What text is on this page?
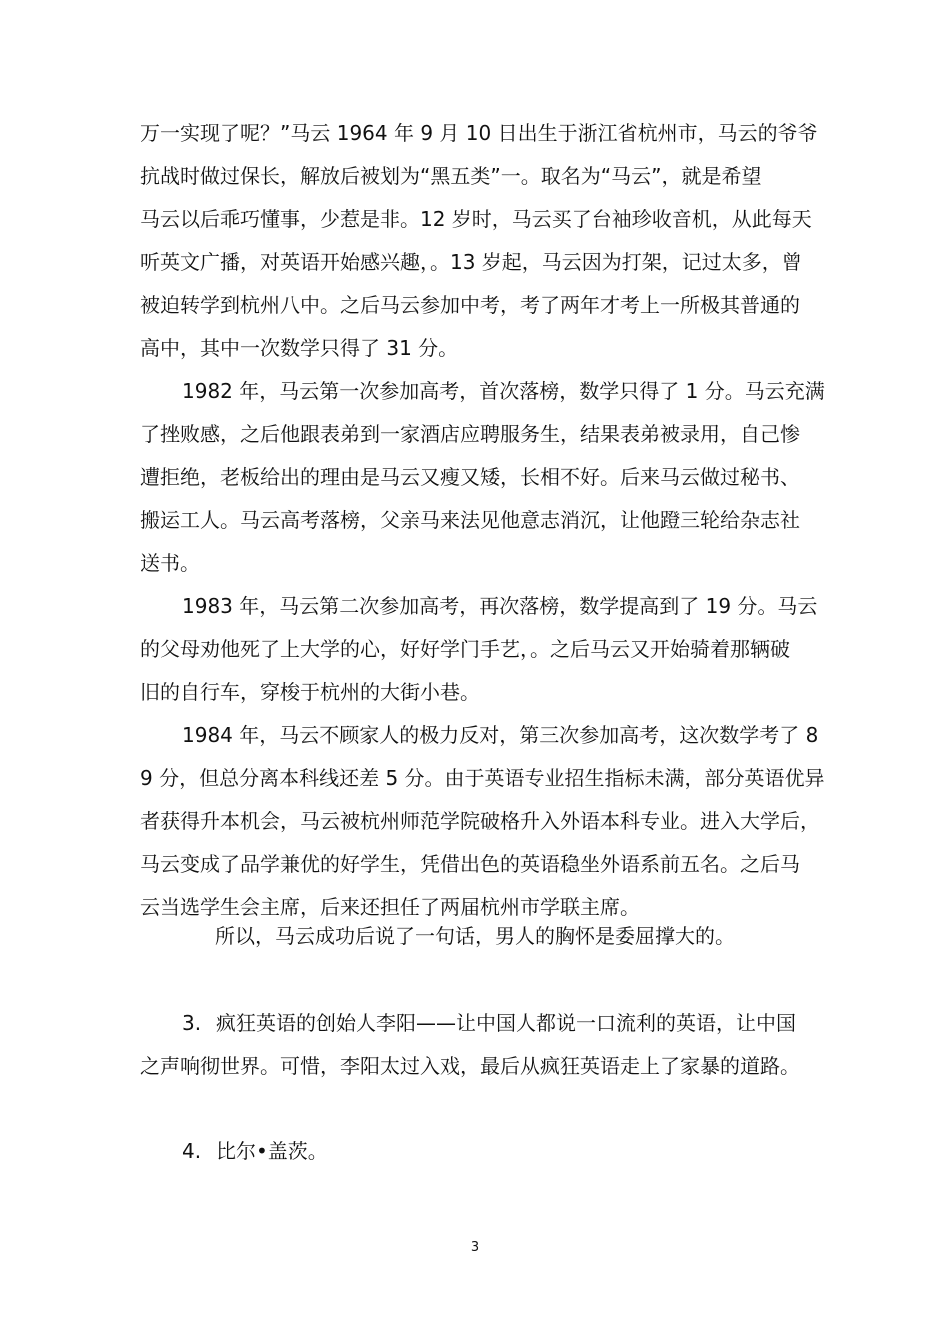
万一实现了呢？”马云 1964 年 9 月 10 日出生于浙江省杭州市，马云的爷爷
抗战时做过保长，解放后被划为“黑五类”一。取名为“马云”，就是希望
马云以后乖巧懂事，少惹是非。12 岁时，马云买了台袖珍收音机，从此每天
听英文广播，对英语开始感兴趣，。13 岁起，马云因为打架，记过太多，曾
被迫转学到杭州八中。之后马云参加中考，考了两年才考上一所极其普通的
高中，其中一次数学只得了 31 分。

1982 年，马云第一次参加高考，首次落榜，数学只得了 1 分。马云充满
了挫败感，之后他跟表弟到一家酒店应聘服务生，结果表弟被录用，自己惨
遭拒绝，老板给出的理由是马云又瘦又矮，长相不好。后来马云做过秘书、
搬运工人。马云高考落榜，父亲马来法见他意志消沉，让他蹬三轮给杂志社
送书。

1983 年，马云第二次参加高考，再次落榜，数学提高到了 19 分。马云
的父母劝他死了上大学的心，好好学门手艺，。之后马云又开始骑着那辆破
旧的自行车，穿梭于杭州的大街小巷。

1984 年，马云不顾家人的极力反对，第三次参加高考，这次数学考了 8
9 分，但总分离本科线还差 5 分。由于英语专业招生指标未满，部分英语优异
者获得升本机会，马云被杭州师范学院破格升入外语本科专业。进入大学后，
马云变成了品学兼优的好学生，凭借出色的英语稳坐外语系前五名。之后马
云当选学生会主席，后来还担任了两届杭州市学联主席。

所以，马云成功后说了一句话，男人的胸怀是委屈撑大的。

3. 疯狂英语的创始人李阳——让中国人都说一口流利的英语，让中国
之声响彻世界。可惜，李阳太过入戏，最后从疯狂英语走上了家暴的道路。

4. 比尔•盖茨。

3
